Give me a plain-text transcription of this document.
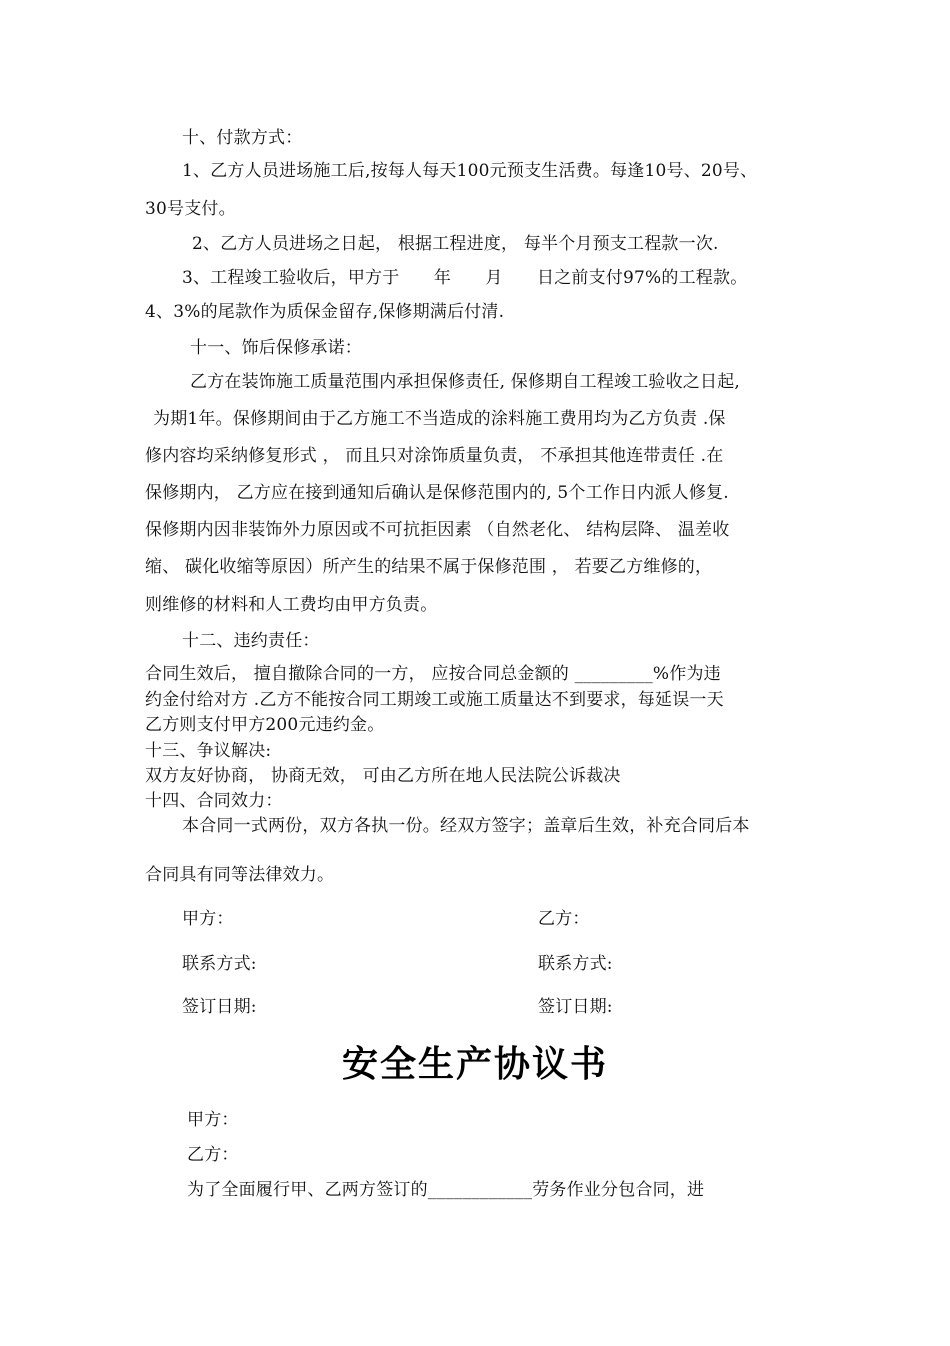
十、付款方式：
1、乙方人员进场施工后,按每人每天100元预支生活费。每逢10号、20号、
30号支付。
2、乙方人员进场之日起， 根据工程进度， 每半个月预支工程款一次.
3、工程竣工验收后，甲方于　　年　　月　　日之前支付97%的工程款。
4、3%的尾款作为质保金留存,保修期满后付清.
十一、饰后保修承诺：
乙方在装饰施工质量范围内承担保修责任, 保修期自工程竣工验收之日起,
为期1年。保修期间由于乙方施工不当造成的涂料施工费用均为乙方负责 .保
修内容均采纳修复形式 ， 而且只对涂饰质量负责， 不承担其他连带责任 .在
保修期内， 乙方应在接到通知后确认是保修范围内的, 5个工作日内派人修复.
保修期内因非装饰外力原因或不可抗拒因素 （自然老化、 结构层降、 温差收
缩、 碳化收缩等原因）所产生的结果不属于保修范围 ， 若要乙方维修的，
则维修的材料和人工费均由甲方负责。
十二、违约责任：
合同生效后， 擅自撤除合同的一方， 应按合同总金额的 _________%作为违
约金付给对方 .乙方不能按合同工期竣工或施工质量达不到要求，每延误一天
乙方则支付甲方200元违约金。
十三、争议解决:
双方友好协商， 协商无效， 可由乙方所在地人民法院公诉裁决
十四、合同效力：
本合同一式两份，双方各执一份。经双方签字；盖章后生效，补充合同后本
合同具有同等法律效力。
甲方：	乙方：
联系方式:	联系方式:
签订日期:	签订日期:
安全生产协议书
甲方：
乙方：
为了全面履行甲、乙两方签订的____________劳务作业分包合同，进
